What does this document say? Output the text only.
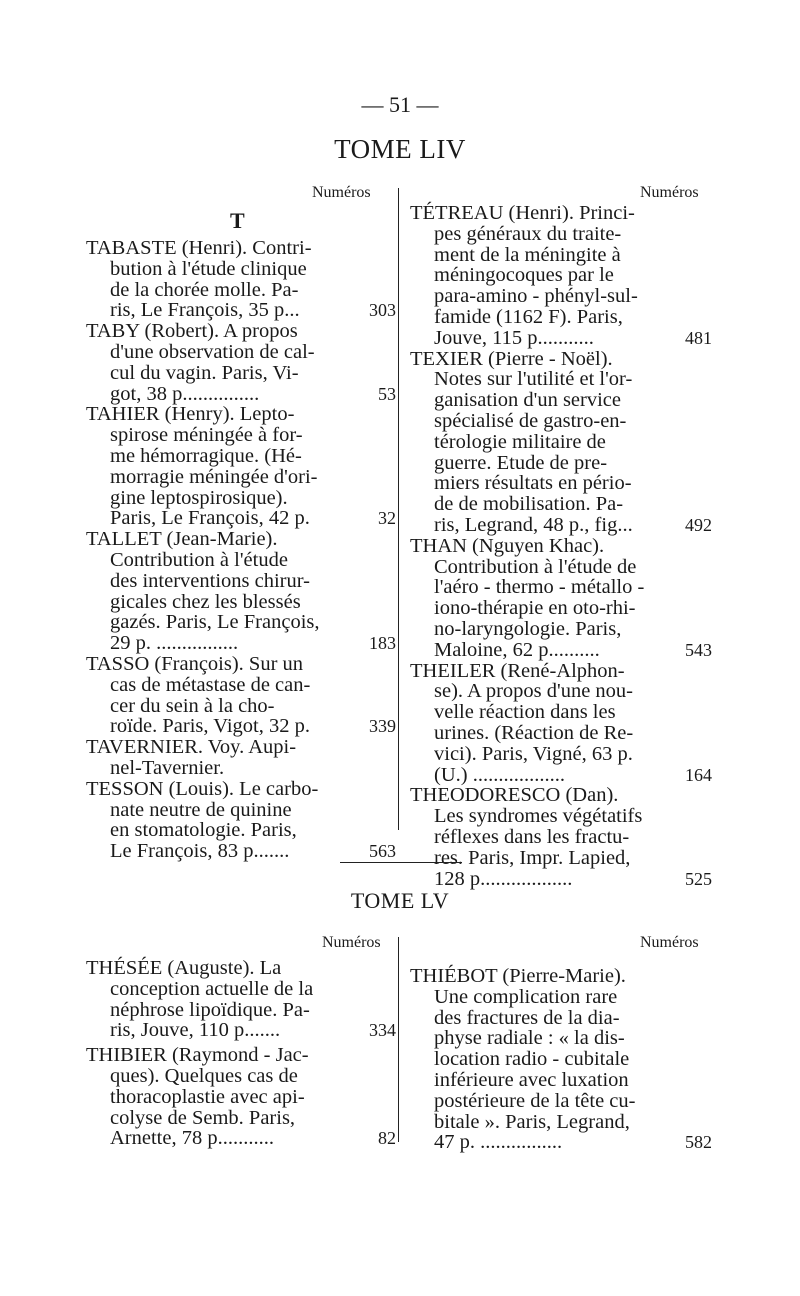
— 51 —
TOME LIV
Numéros	Numéros
T
TABASTE (Henri). Contri-
bution à l'étude clinique
de la chorée molle. Pa-
ris, Le François, 35 p...	303
TABY (Robert). A propos
d'une observation de cal-
cul du vagin. Paris, Vi-
got, 38 p...............	53
TAHIER (Henry). Lepto-
spirose méningée à for-
me hémorragique. (Hé-
morragie méningée d'ori-
gine leptospirosique).
Paris, Le François, 42 p.	32
TALLET (Jean-Marie).
Contribution à l'étude
des interventions chirur-
gicales chez les blessés
gazés. Paris, Le François,
29 p. ................	183
TASSO (François). Sur un
cas de métastase de can-
cer du sein à la cho-
roïde. Paris, Vigot, 32 p.	339
TAVERNIER. Voy. Aupi-
nel-Tavernier.
TESSON (Louis). Le carbo-
nate neutre de quinine
en stomatologie. Paris,
Le François, 83 p.......	563
TÉTREAU (Henri). Princi-
pes généraux du traite-
ment de la méningite à
méningocoques par le
para-amino - phényl-sul-
famide (1162 F). Paris,
Jouve, 115 p...........	481
TEXIER (Pierre - Noël).
Notes sur l'utilité et l'or-
ganisation d'un service
spécialisé de gastro-en-
térologie militaire de
guerre. Etude de pre-
miers résultats en pério-
de de mobilisation. Pa-
ris, Legrand, 48 p., fig...	492
THAN (Nguyen Khac).
Contribution à l'étude de
l'aéro - thermo - métallo -
iono-thérapie en oto-rhi-
no-laryngologie. Paris,
Maloine, 62 p..........	543
THEILER (René-Alphon-
se). A propos d'une nou-
velle réaction dans les
urines. (Réaction de Re-
vici). Paris, Vigné, 63 p.
(U.) ..................	164
THEODORESCO (Dan).
Les syndromes végétatifs
réflexes dans les fractu-
res. Paris, Impr. Lapied,
128 p..................	525
TOME LV
Numéros	Numéros
THÉSÉE (Auguste). La
conception actuelle de la
néphrose lipoïdique. Pa-
ris, Jouve, 110 p.......	334
THIBIER (Raymond - Jac-
ques). Quelques cas de
thoracoplastie avec api-
colyse de Semb. Paris,
Arnette, 78 p...........	82
THIÉBOT (Pierre-Marie).
Une complication rare
des fractures de la dia-
physe radiale : « la dis-
location radio - cubitale
inférieure avec luxation
postérieure de la tête cu-
bitale ». Paris, Legrand,
47 p. ................	582
